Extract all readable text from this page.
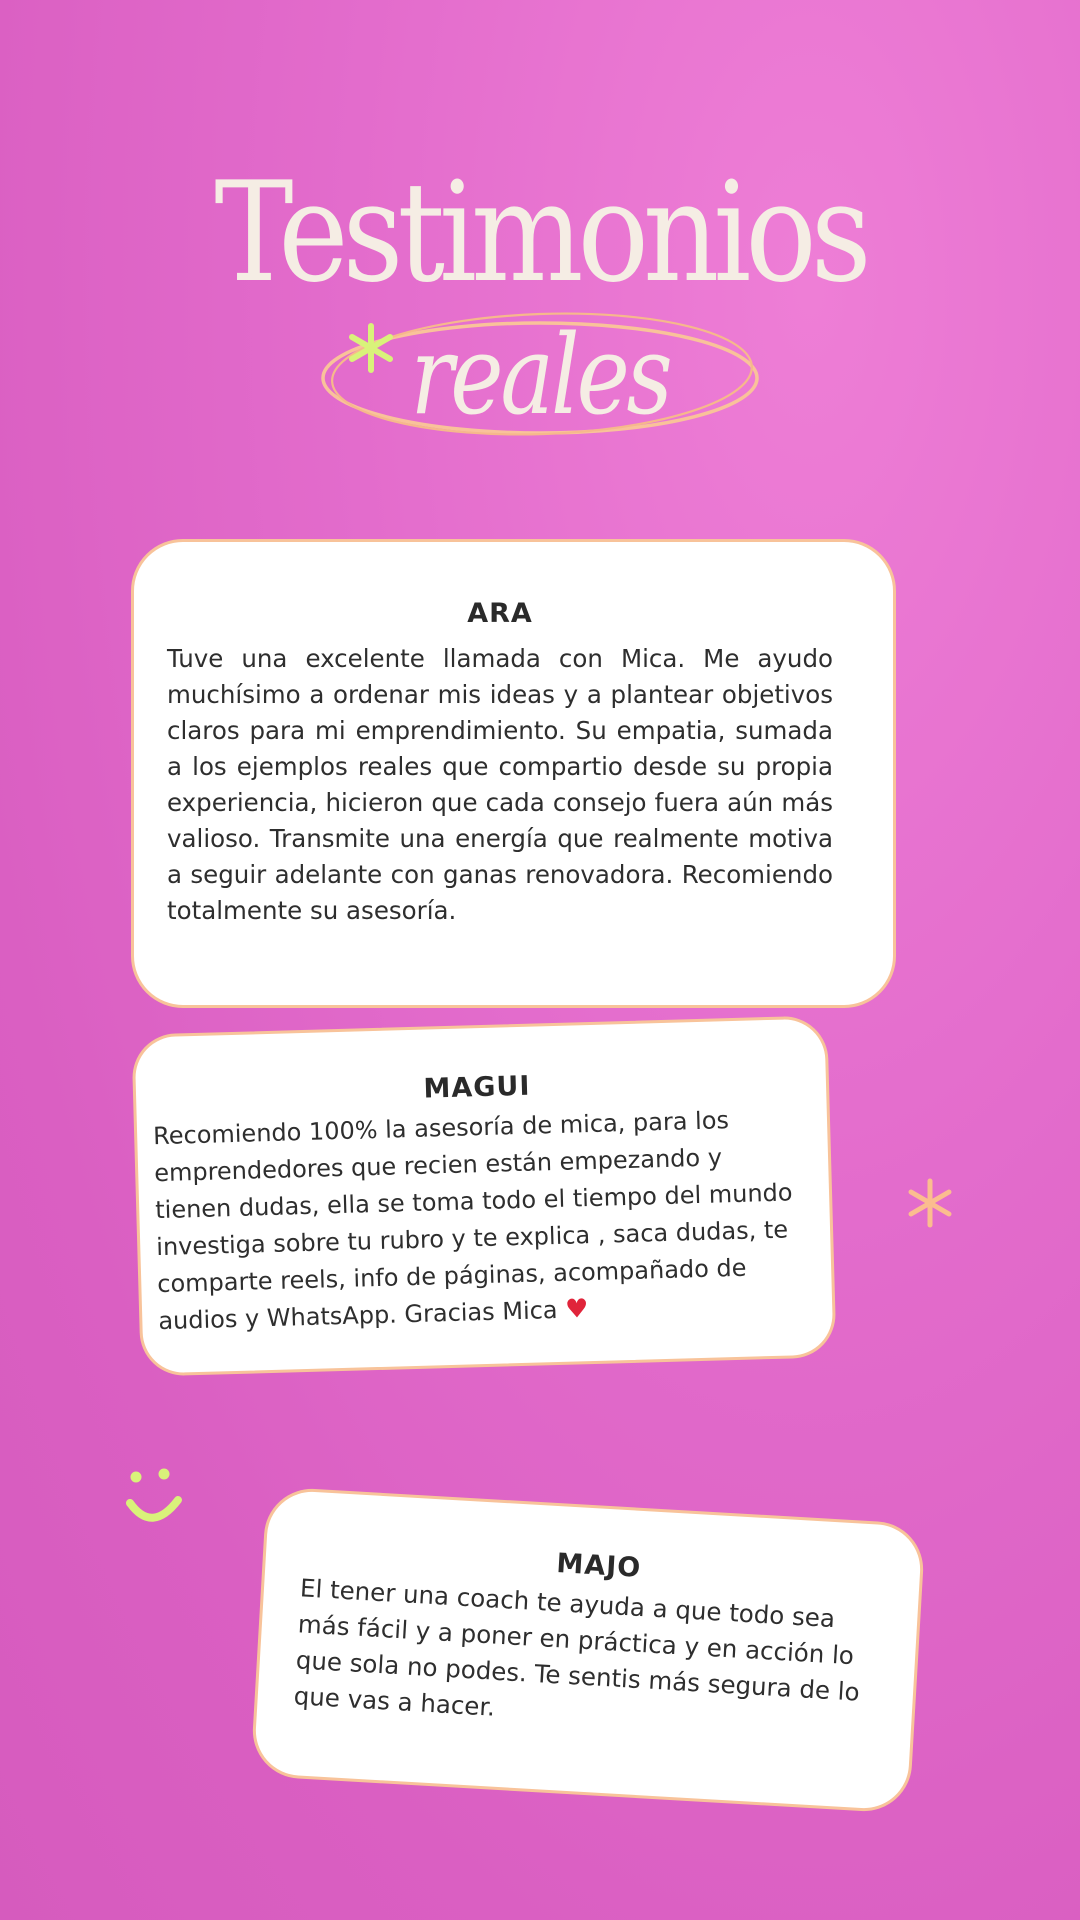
Testimonios
reales
ARA
Tuve una excelente llamada con Mica. Me ayudo muchísimo a ordenar mis ideas y a plantear objetivos claros para mi emprendimiento. Su empatia, sumada a los ejemplos reales que compartio desde su propia experiencia, hicieron que cada consejo fuera aún más valioso. Transmite una energía que realmente motiva a seguir adelante con ganas renovadora. Recomiendo totalmente su asesoría.
MAGUI
Recomiendo 100% la asesoría de mica, para los emprendedores que recien están empezando y tienen dudas, ella se toma todo el tiempo del mundo investiga sobre tu rubro y te explica , saca dudas, te comparte reels, info de páginas, acompañado de audios y WhatsApp. Gracias Mica ♥
MAJO
El tener una coach te ayuda a que todo sea más fácil y a poner en práctica y en acción lo que sola no podes. Te sentis más segura de lo que vas a hacer.
